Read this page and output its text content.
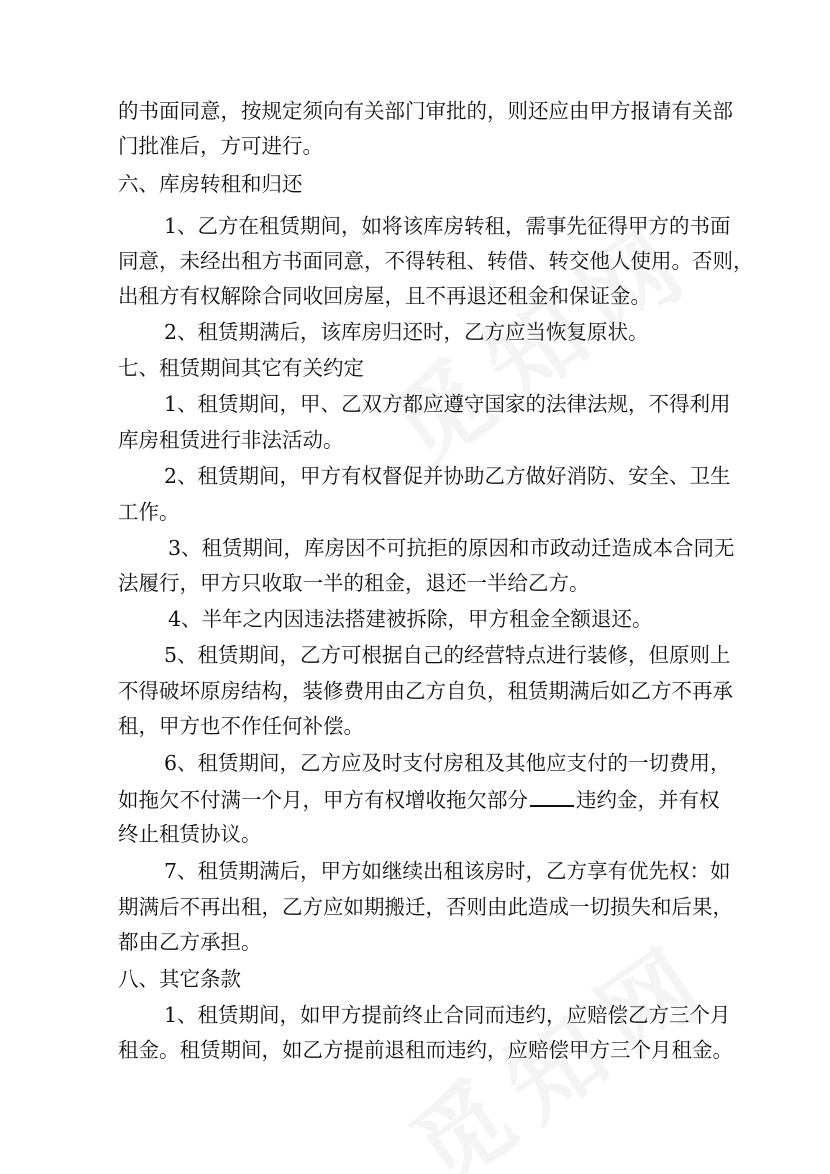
的书面同意，按规定须向有关部门审批的，则还应由甲方报请有关部
门批准后，方可进行。
六、库房转租和归还
1、乙方在租赁期间，如将该库房转租，需事先征得甲方的书面
同意，未经出租方书面同意，不得转租、转借、转交他人使用。否则，
出租方有权解除合同收回房屋，且不再退还租金和保证金。
2、租赁期满后，该库房归还时，乙方应当恢复原状。
七、租赁期间其它有关约定
1、租赁期间，甲、乙双方都应遵守国家的法律法规，不得利用
库房租赁进行非法活动。
2、租赁期间，甲方有权督促并协助乙方做好消防、安全、卫生
工作。
3、租赁期间，库房因不可抗拒的原因和市政动迁造成本合同无
法履行，甲方只收取一半的租金，退还一半给乙方。
4、半年之内因违法搭建被拆除，甲方租金全额退还。
5、租赁期间，乙方可根据自己的经营特点进行装修，但原则上
不得破坏原房结构，装修费用由乙方自负，租赁期满后如乙方不再承
租，甲方也不作任何补偿。
6、租赁期间，乙方应及时支付房租及其他应支付的一切费用，
如拖欠不付满一个月，甲方有权增收拖欠部分 违约金，并有权
终止租赁协议。
7、租赁期满后，甲方如继续出租该房时，乙方享有优先权：如
期满后不再出租，乙方应如期搬迁，否则由此造成一切损失和后果，
都由乙方承担。
八、其它条款
1、租赁期间，如甲方提前终止合同而违约，应赔偿乙方三个月
租金。租赁期间，如乙方提前退租而违约，应赔偿甲方三个月租金。
